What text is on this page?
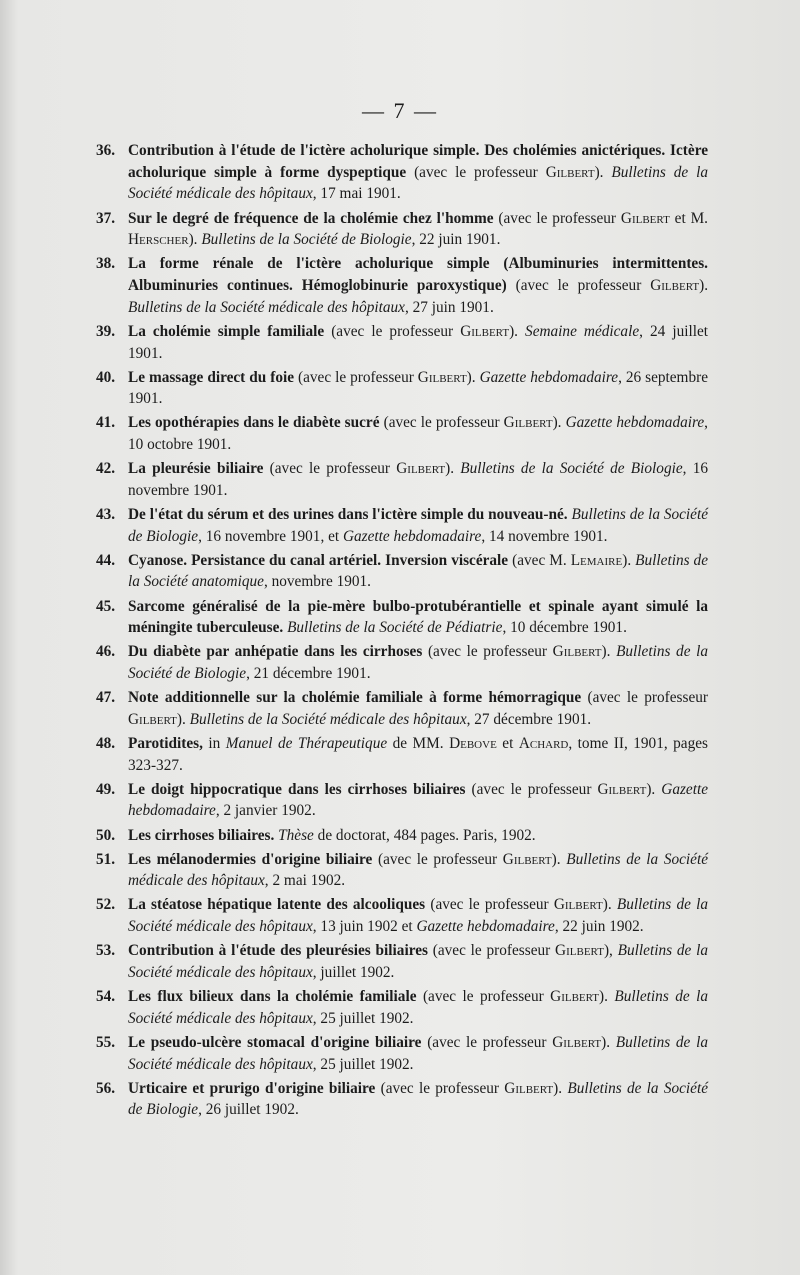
— 7 —
36. Contribution à l'étude de l'ictère acholurique simple. Des cholémies anictériques. Ictère acholurique simple à forme dyspeptique (avec le professeur Gilbert). Bulletins de la Société médicale des hôpitaux, 17 mai 1901.
37. Sur le degré de fréquence de la cholémie chez l'homme (avec le professeur Gilbert et M. Herscher). Bulletins de la Société de Biologie, 22 juin 1901.
38. La forme rénale de l'ictère acholurique simple (Albuminuries intermittentes. Albuminuries continues. Hémoglobinurie paroxystique) (avec le professeur Gilbert). Bulletins de la Société médicale des hôpitaux, 27 juin 1901.
39. La cholémie simple familiale (avec le professeur Gilbert). Semaine médicale, 24 juillet 1901.
40. Le massage direct du foie (avec le professeur Gilbert). Gazette hebdomadaire, 26 septembre 1901.
41. Les opothérapies dans le diabète sucré (avec le professeur Gilbert). Gazette hebdomadaire, 10 octobre 1901.
42. La pleurésie biliaire (avec le professeur Gilbert). Bulletins de la Société de Biologie, 16 novembre 1901.
43. De l'état du sérum et des urines dans l'ictère simple du nouveau-né. Bulletins de la Société de Biologie, 16 novembre 1901, et Gazette hebdomadaire, 14 novembre 1901.
44. Cyanose. Persistance du canal artériel. Inversion viscérale (avec M. Lemaire). Bulletins de la Société anatomique, novembre 1901.
45. Sarcome généralisé de la pie-mère bulbo-protubérantielle et spinale ayant simulé la méningite tuberculeuse. Bulletins de la Société de Pédiatrie, 10 décembre 1901.
46. Du diabète par anhépatie dans les cirrhoses (avec le professeur Gilbert). Bulletins de la Société de Biologie, 21 décembre 1901.
47. Note additionnelle sur la cholémie familiale à forme hémorragique (avec le professeur Gilbert). Bulletins de la Société médicale des hôpitaux, 27 décembre 1901.
48. Parotidites, in Manuel de Thérapeutique de MM. Debove et Achard, tome II, 1901, pages 323-327.
49. Le doigt hippocratique dans les cirrhoses biliaires (avec le professeur Gilbert). Gazette hebdomadaire, 2 janvier 1902.
50. Les cirrhoses biliaires. Thèse de doctorat, 484 pages. Paris, 1902.
51. Les mélanodermies d'origine biliaire (avec le professeur Gilbert). Bulletins de la Société médicale des hôpitaux, 2 mai 1902.
52. La stéatose hépatique latente des alcooliques (avec le professeur Gilbert). Bulletins de la Société médicale des hôpitaux, 13 juin 1902 et Gazette hebdomadaire, 22 juin 1902.
53. Contribution à l'étude des pleurésies biliaires (avec le professeur Gilbert), Bulletins de la Société médicale des hôpitaux, juillet 1902.
54. Les flux bilieux dans la cholémie familiale (avec le professeur Gilbert). Bulletins de la Société médicale des hôpitaux, 25 juillet 1902.
55. Le pseudo-ulcère stomacal d'origine biliaire (avec le professeur Gilbert). Bulletins de la Société médicale des hôpitaux, 25 juillet 1902.
56. Urticaire et prurigo d'origine biliaire (avec le professeur Gilbert). Bulletins de la Société de Biologie, 26 juillet 1902.
